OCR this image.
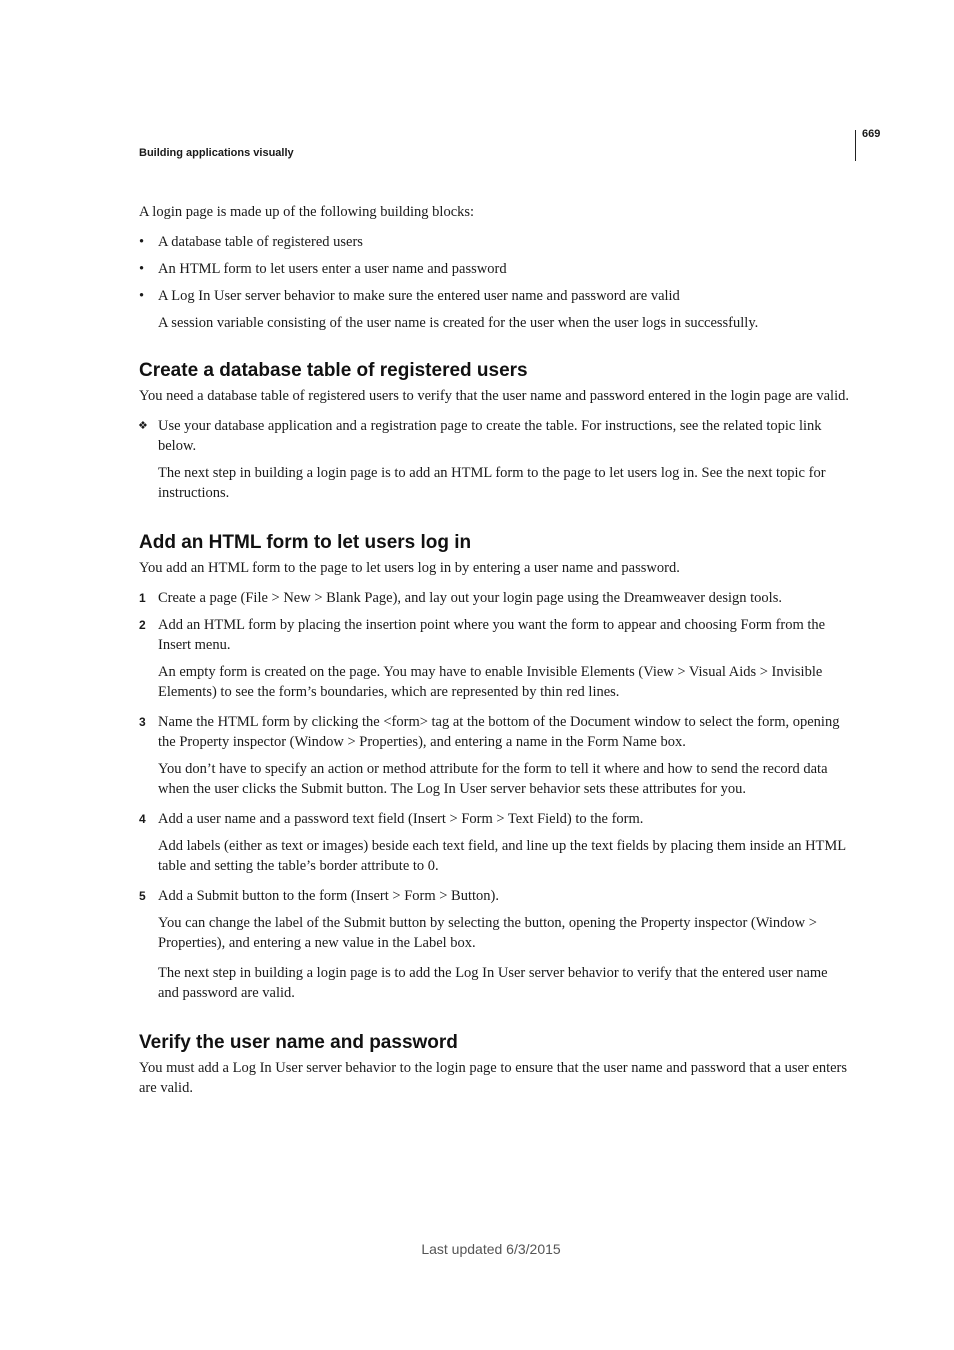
669
Building applications visually

A login page is made up of the following building blocks:

• A database table of registered users
• An HTML form to let users enter a user name and password
• A Log In User server behavior to make sure the entered user name and password are valid

A session variable consisting of the user name is created for the user when the user logs in successfully.

Create a database table of registered users

You need a database table of registered users to verify that the user name and password entered in the login page are valid.

❖ Use your database application and a registration page to create the table. For instructions, see the related topic link below.

The next step in building a login page is to add an HTML form to the page to let users log in. See the next topic for instructions.

Add an HTML form to let users log in

You add an HTML form to the page to let users log in by entering a user name and password.

1 Create a page (File > New > Blank Page), and lay out your login page using the Dreamweaver design tools.
2 Add an HTML form by placing the insertion point where you want the form to appear and choosing Form from the Insert menu.

An empty form is created on the page. You may have to enable Invisible Elements (View > Visual Aids > Invisible Elements) to see the form’s boundaries, which are represented by thin red lines.

3 Name the HTML form by clicking the <form> tag at the bottom of the Document window to select the form, opening the Property inspector (Window > Properties), and entering a name in the Form Name box.

You don’t have to specify an action or method attribute for the form to tell it where and how to send the record data when the user clicks the Submit button. The Log In User server behavior sets these attributes for you.

4 Add a user name and a password text field (Insert > Form > Text Field) to the form.

Add labels (either as text or images) beside each text field, and line up the text fields by placing them inside an HTML table and setting the table’s border attribute to 0.

5 Add a Submit button to the form (Insert > Form > Button).

You can change the label of the Submit button by selecting the button, opening the Property inspector (Window > Properties), and entering a new value in the Label box.

The next step in building a login page is to add the Log In User server behavior to verify that the entered user name and password are valid.

Verify the user name and password

You must add a Log In User server behavior to the login page to ensure that the user name and password that a user enters are valid.

Last updated 6/3/2015
